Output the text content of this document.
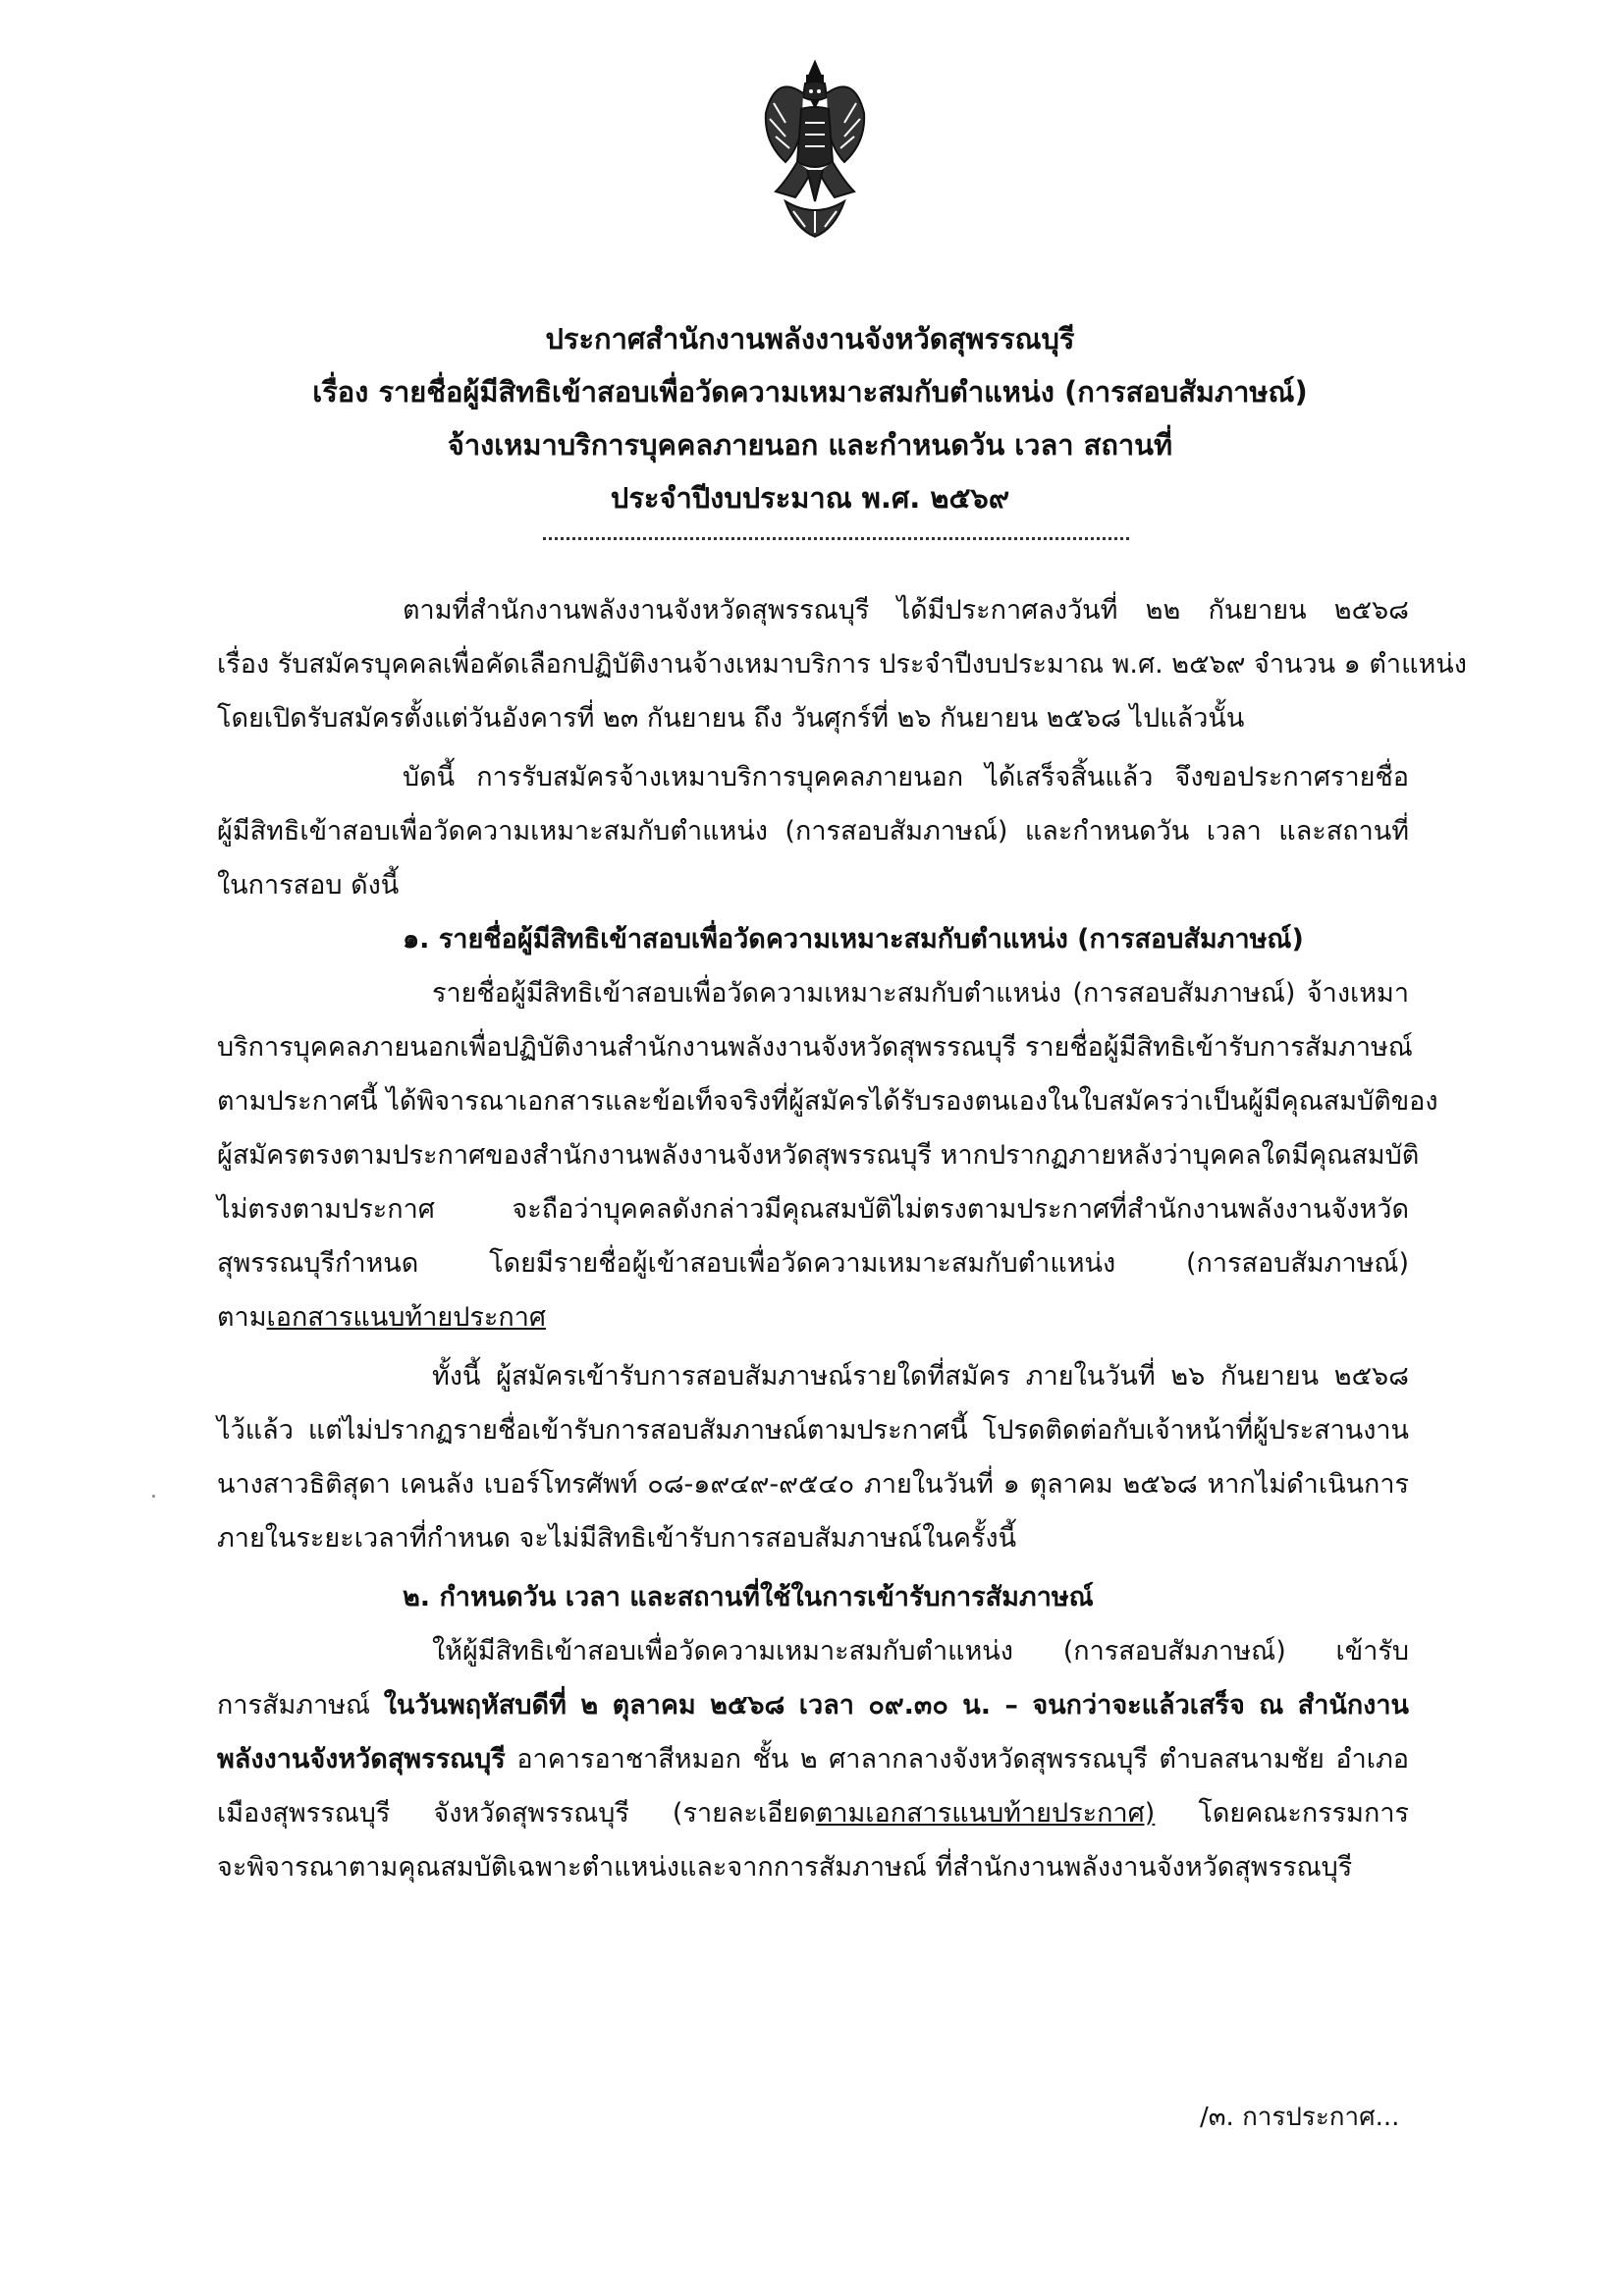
ประกาศสำนักงานพลังงานจังหวัดสุพรรณบุรี
เรื่อง รายชื่อผู้มีสิทธิเข้าสอบเพื่อวัดความเหมาะสมกับตำแหน่ง (การสอบสัมภาษณ์)
จ้างเหมาบริการบุคคลภายนอก และกำหนดวัน เวลา สถานที่
ประจำปีงบประมาณ พ.ศ. ๒๕๖๙
ตามที่สำนักงานพลังงานจังหวัดสุพรรณบุรี ได้มีประกาศลงวันที่ ๒๒ กันยายน ๒๕๖๘
เรื่อง รับสมัครบุคคลเพื่อคัดเลือกปฏิบัติงานจ้างเหมาบริการ ประจำปีงบประมาณ พ.ศ. ๒๕๖๙ จำนวน ๑ ตำแหน่ง
โดยเปิดรับสมัครตั้งแต่วันอังคารที่ ๒๓ กันยายน ถึง วันศุกร์ที่ ๒๖ กันยายน ๒๕๖๘ ไปแล้วนั้น
บัดนี้ การรับสมัครจ้างเหมาบริการบุคคลภายนอก ได้เสร็จสิ้นแล้ว จึงขอประกาศรายชื่อ
ผู้มีสิทธิเข้าสอบเพื่อวัดความเหมาะสมกับตำแหน่ง (การสอบสัมภาษณ์) และกำหนดวัน เวลา และสถานที่
ในการสอบ ดังนี้
๑. รายชื่อผู้มีสิทธิเข้าสอบเพื่อวัดความเหมาะสมกับตำแหน่ง (การสอบสัมภาษณ์)
รายชื่อผู้มีสิทธิเข้าสอบเพื่อวัดความเหมาะสมกับตำแหน่ง (การสอบสัมภาษณ์) จ้างเหมา
บริการบุคคลภายนอกเพื่อปฏิบัติงานสำนักงานพลังงานจังหวัดสุพรรณบุรี รายชื่อผู้มีสิทธิเข้ารับการสัมภาษณ์
ตามประกาศนี้ ได้พิจารณาเอกสารและข้อเท็จจริงที่ผู้สมัครได้รับรองตนเองในใบสมัครว่าเป็นผู้มีคุณสมบัติของ
ผู้สมัครตรงตามประกาศของสำนักงานพลังงานจังหวัดสุพรรณบุรี หากปรากฏภายหลังว่าบุคคลใดมีคุณสมบัติ
ไม่ตรงตามประกาศ จะถือว่าบุคคลดังกล่าวมีคุณสมบัติไม่ตรงตามประกาศที่สำนักงานพลังงานจังหวัด
สุพรรณบุรีกำหนด โดยมีรายชื่อผู้เข้าสอบเพื่อวัดความเหมาะสมกับตำแหน่ง (การสอบสัมภาษณ์)
ตามเอกสารแนบท้ายประกาศ
ทั้งนี้ ผู้สมัครเข้ารับการสอบสัมภาษณ์รายใดที่สมัคร ภายในวันที่ ๒๖ กันยายน ๒๕๖๘
ไว้แล้ว แต่ไม่ปรากฏรายชื่อเข้ารับการสอบสัมภาษณ์ตามประกาศนี้ โปรดติดต่อกับเจ้าหน้าที่ผู้ประสานงาน
นางสาวธิติสุดา เคนลัง เบอร์โทรศัพท์ ๐๘-๑๙๔๙-๙๕๔๐ ภายในวันที่ ๑ ตุลาคม ๒๕๖๘ หากไม่ดำเนินการ
ภายในระยะเวลาที่กำหนด จะไม่มีสิทธิเข้ารับการสอบสัมภาษณ์ในครั้งนี้
๒. กำหนดวัน เวลา และสถานที่ใช้ในการเข้ารับการสัมภาษณ์
ให้ผู้มีสิทธิเข้าสอบเพื่อวัดความเหมาะสมกับตำแหน่ง (การสอบสัมภาษณ์) เข้ารับ
การสัมภาษณ์ ในวันพฤหัสบดีที่ ๒ ตุลาคม ๒๕๖๘ เวลา ๐๙.๓๐ น. – จนกว่าจะแล้วเสร็จ ณ สำนักงาน
พลังงานจังหวัดสุพรรณบุรี อาคารอาชาสีหมอก ชั้น ๒ ศาลากลางจังหวัดสุพรรณบุรี ตำบลสนามชัย อำเภอ
เมืองสุพรรณบุรี จังหวัดสุพรรณบุรี (รายละเอียดตามเอกสารแนบท้ายประกาศ) โดยคณะกรรมการ
จะพิจารณาตามคุณสมบัติเฉพาะตำแหน่งและจากการสัมภาษณ์ ที่สำนักงานพลังงานจังหวัดสุพรรณบุรี
/๓. การประกาศ...
